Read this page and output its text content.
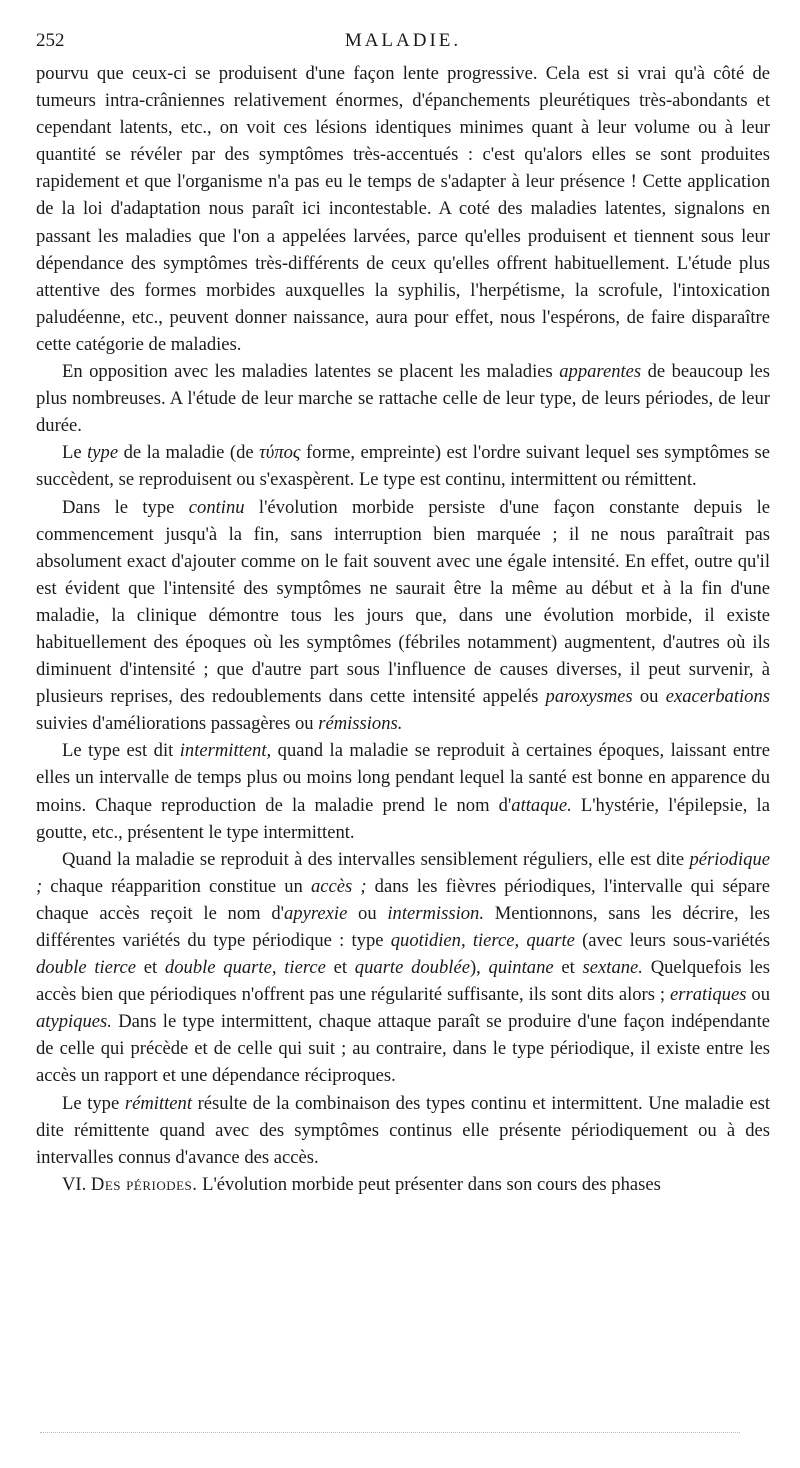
252	MALADIE.

pourvu que ceux-ci se produisent d'une façon lente progressive. Cela est si vrai qu'à côté de tumeurs intra-crâniennes relativement énormes, d'épanchements pleurétiques très-abondants et cependant latents, etc., on voit ces lésions identiques minimes quant à leur volume ou à leur quantité se révéler par des symptômes très-accentués : c'est qu'alors elles se sont produites rapidement et que l'organisme n'a pas eu le temps de s'adapter à leur présence ! Cette application de la loi d'adaptation nous paraît ici incontestable. A coté des maladies latentes, signalons en passant les maladies que l'on a appelées larvées, parce qu'elles produisent et tiennent sous leur dépendance des symptômes très-différents de ceux qu'elles offrent habituellement. L'étude plus attentive des formes morbides auxquelles la syphilis, l'herpétisme, la scrofule, l'intoxication paludéenne, etc., peuvent donner naissance, aura pour effet, nous l'espérons, de faire disparaître cette catégorie de maladies.

En opposition avec les maladies latentes se placent les maladies apparentes de beaucoup les plus nombreuses. A l'étude de leur marche se rattache celle de leur type, de leurs périodes, de leur durée.

Le type de la maladie (de τύπος forme, empreinte) est l'ordre suivant lequel ses symptômes se succèdent, se reproduisent ou s'exaspèrent. Le type est continu, intermittent ou rémittent.

Dans le type continu l'évolution morbide persiste d'une façon constante depuis le commencement jusqu'à la fin, sans interruption bien marquée ; il ne nous paraîtrait pas absolument exact d'ajouter comme on le fait souvent avec une égale intensité. En effet, outre qu'il est évident que l'intensité des symptômes ne saurait être la même au début et à la fin d'une maladie, la clinique démontre tous les jours que, dans une évolution morbide, il existe habituellement des époques où les symptômes (fébriles notamment) augmentent, d'autres où ils diminuent d'intensité ; que d'autre part sous l'influence de causes diverses, il peut survenir, à plusieurs reprises, des redoublements dans cette intensité appelés paroxysmes ou exacerbations suivies d'améliorations passagères ou rémissions.

Le type est dit intermittent, quand la maladie se reproduit à certaines époques, laissant entre elles un intervalle de temps plus ou moins long pendant lequel la santé est bonne en apparence du moins. Chaque reproduction de la maladie prend le nom d'attaque. L'hystérie, l'épilepsie, la goutte, etc., présentent le type intermittent.

Quand la maladie se reproduit à des intervalles sensiblement réguliers, elle est dite périodique ; chaque réapparition constitue un accès ; dans les fièvres périodiques, l'intervalle qui sépare chaque accès reçoit le nom d'apyrexie ou intermission. Mentionnons, sans les décrire, les différentes variétés du type périodique : type quotidien, tierce, quarte (avec leurs sous-variétés double tierce et double quarte, tierce et quarte doublée), quintane et sextane. Quelquefois les accès bien que périodiques n'offrent pas une régularité suffisante, ils sont dits alors ; erratiques ou atypiques. Dans le type intermittent, chaque attaque paraît se produire d'une façon indépendante de celle qui précède et de celle qui suit ; au contraire, dans le type périodique, il existe entre les accès un rapport et une dépendance réciproques.

Le type rémittent résulte de la combinaison des types continu et intermittent. Une maladie est dite rémittente quand avec des symptômes continus elle présente périodiquement ou à des intervalles connus d'avance des accès.

VI. Des périodes. L'évolution morbide peut présenter dans son cours des phases
